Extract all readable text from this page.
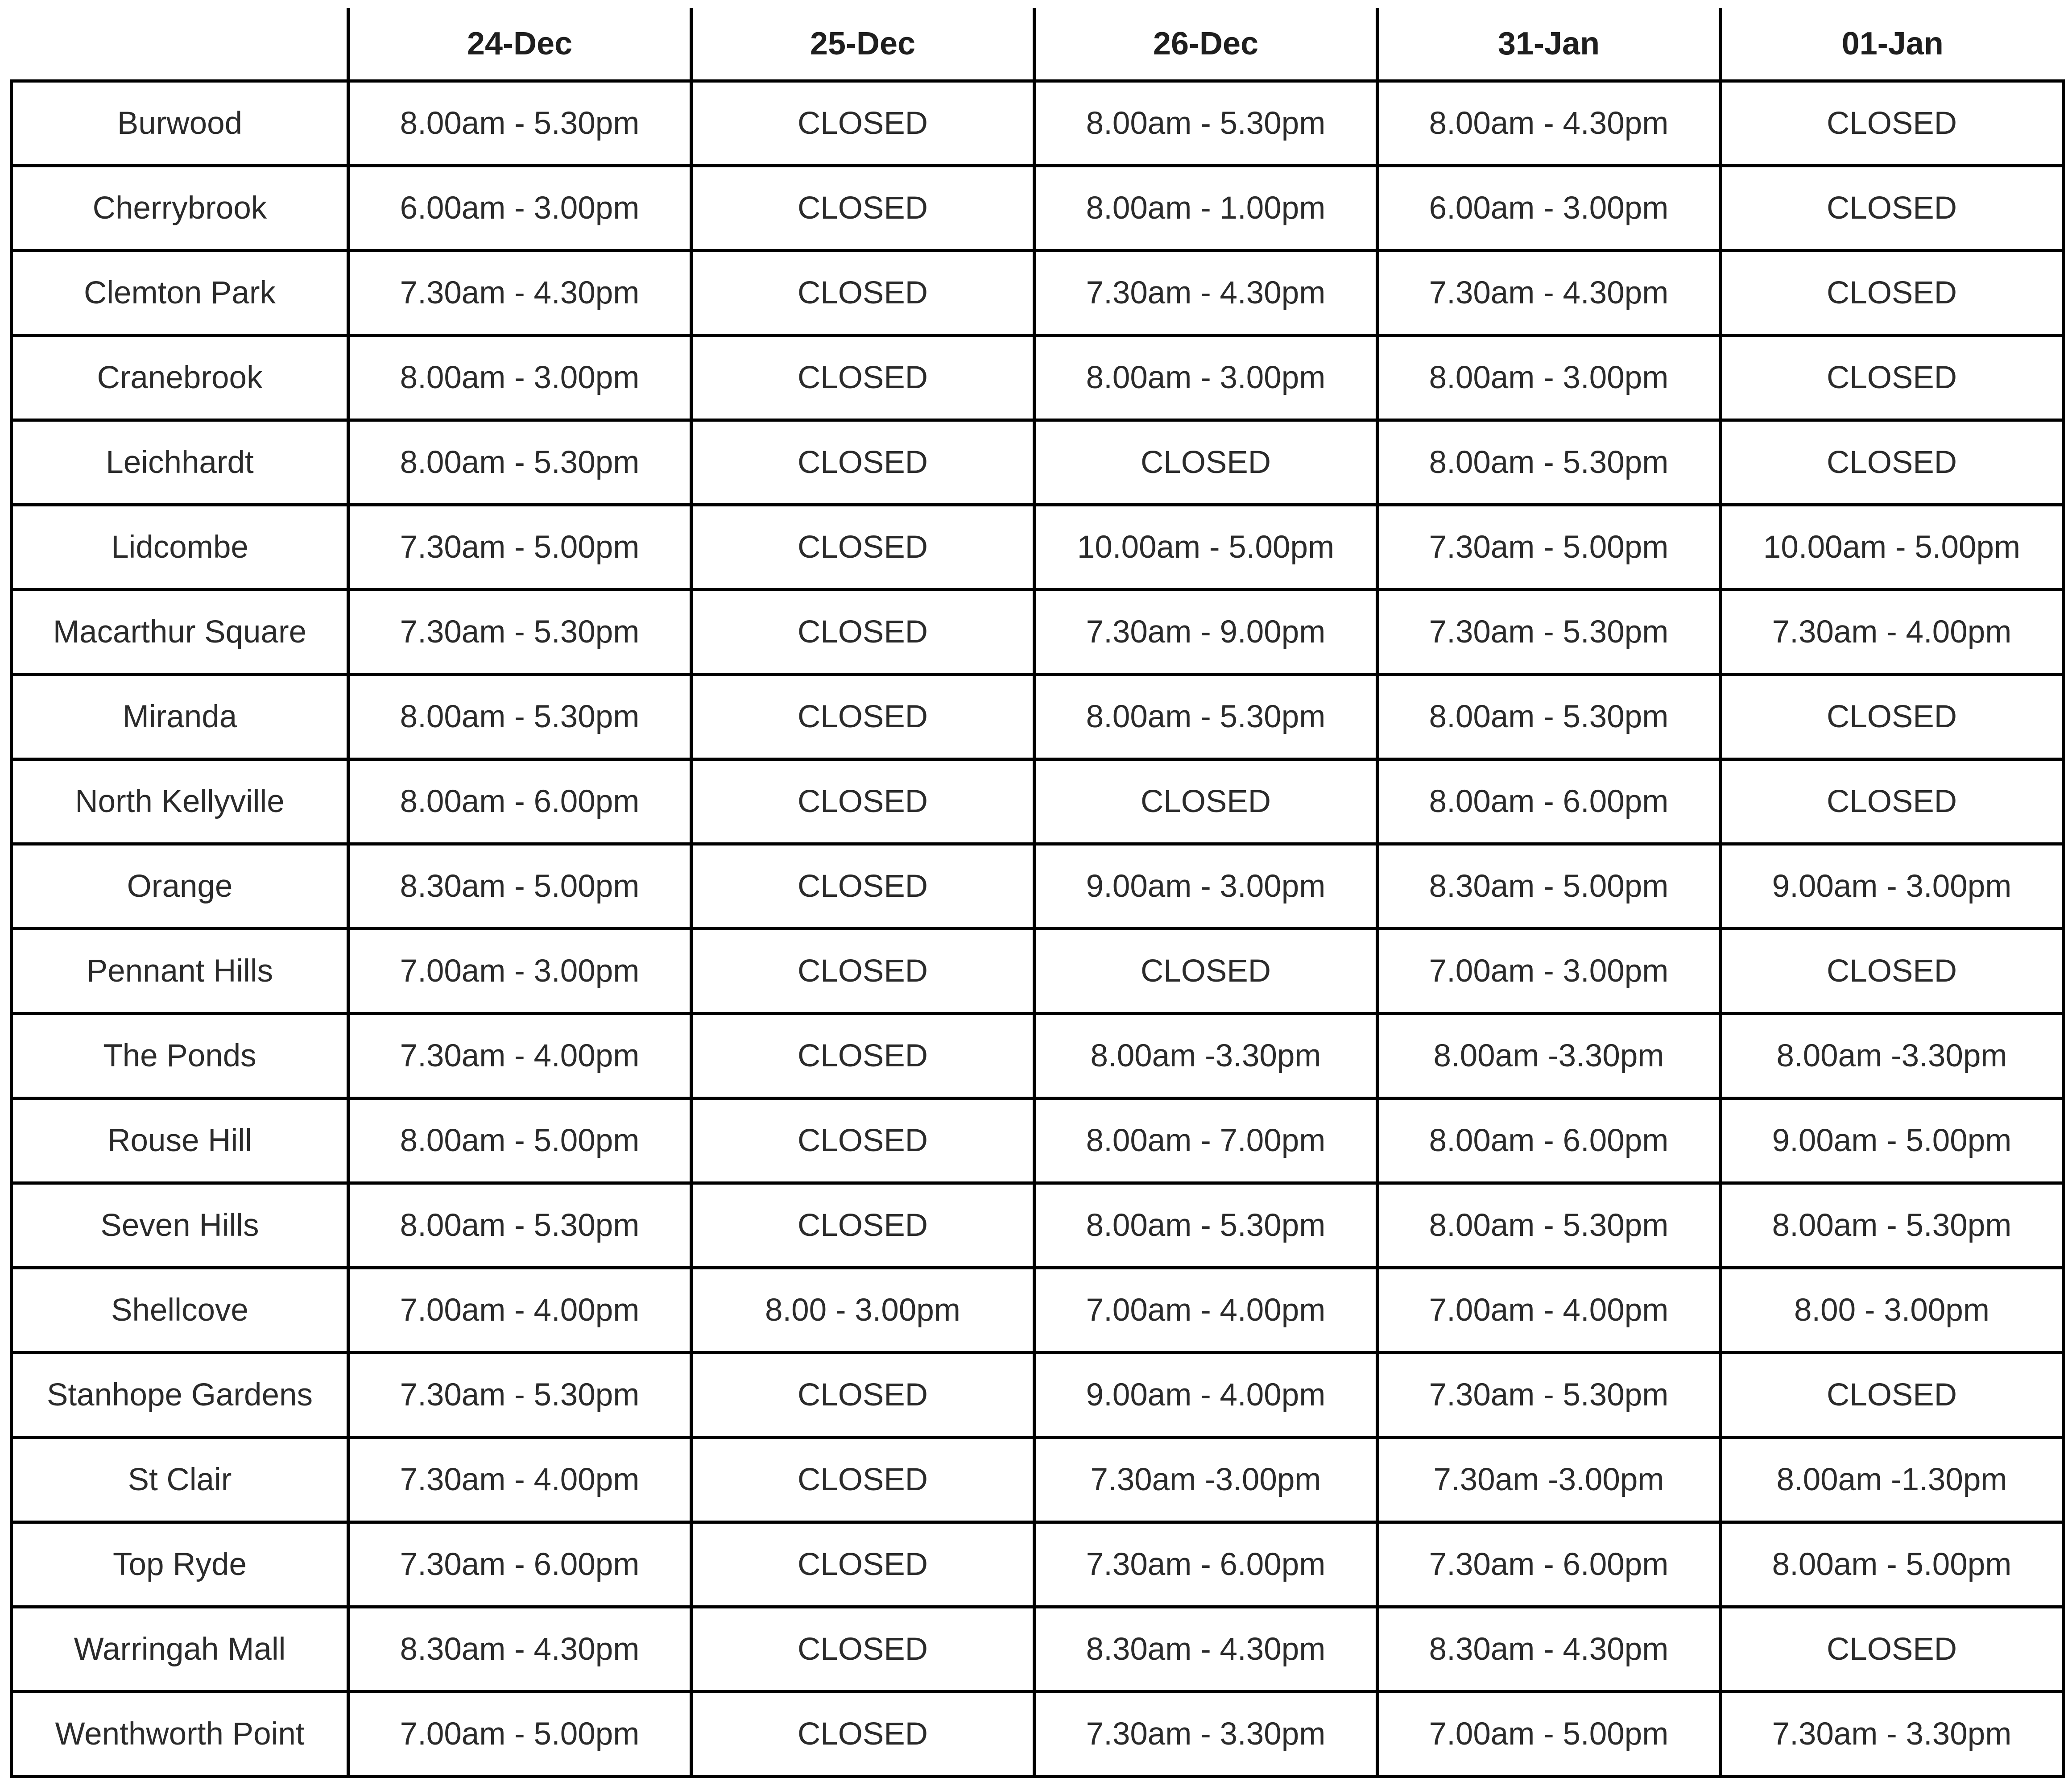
	24-Dec	25-Dec	26-Dec	31-Jan	01-Jan
Burwood	8.00am - 5.30pm	CLOSED	8.00am - 5.30pm	8.00am - 4.30pm	CLOSED
Cherrybrook	6.00am - 3.00pm	CLOSED	8.00am - 1.00pm	6.00am - 3.00pm	CLOSED
Clemton Park	7.30am - 4.30pm	CLOSED	7.30am - 4.30pm	7.30am - 4.30pm	CLOSED
Cranebrook	8.00am - 3.00pm	CLOSED	8.00am - 3.00pm	8.00am - 3.00pm	CLOSED
Leichhardt	8.00am - 5.30pm	CLOSED	CLOSED	8.00am - 5.30pm	CLOSED
Lidcombe	7.30am - 5.00pm	CLOSED	10.00am - 5.00pm	7.30am - 5.00pm	10.00am - 5.00pm
Macarthur Square	7.30am - 5.30pm	CLOSED	7.30am - 9.00pm	7.30am - 5.30pm	7.30am - 4.00pm
Miranda	8.00am - 5.30pm	CLOSED	8.00am - 5.30pm	8.00am - 5.30pm	CLOSED
North Kellyville	8.00am - 6.00pm	CLOSED	CLOSED	8.00am - 6.00pm	CLOSED
Orange	8.30am - 5.00pm	CLOSED	9.00am - 3.00pm	8.30am - 5.00pm	9.00am - 3.00pm
Pennant Hills	7.00am - 3.00pm	CLOSED	CLOSED	7.00am - 3.00pm	CLOSED
The Ponds	7.30am - 4.00pm	CLOSED	8.00am -3.30pm	8.00am -3.30pm	8.00am -3.30pm
Rouse Hill	8.00am - 5.00pm	CLOSED	8.00am - 7.00pm	8.00am - 6.00pm	9.00am - 5.00pm
Seven Hills	8.00am - 5.30pm	CLOSED	8.00am - 5.30pm	8.00am - 5.30pm	8.00am - 5.30pm
Shellcove	7.00am - 4.00pm	8.00 - 3.00pm	7.00am - 4.00pm	7.00am - 4.00pm	8.00 - 3.00pm
Stanhope Gardens	7.30am - 5.30pm	CLOSED	9.00am - 4.00pm	7.30am - 5.30pm	CLOSED
St Clair	7.30am - 4.00pm	CLOSED	7.30am -3.00pm	7.30am -3.00pm	8.00am -1.30pm
Top Ryde	7.30am - 6.00pm	CLOSED	7.30am - 6.00pm	7.30am - 6.00pm	8.00am - 5.00pm
Warringah Mall	8.30am - 4.30pm	CLOSED	8.30am - 4.30pm	8.30am - 4.30pm	CLOSED
Wenthworth Point	7.00am - 5.00pm	CLOSED	7.30am - 3.30pm	7.00am - 5.00pm	7.30am - 3.30pm
